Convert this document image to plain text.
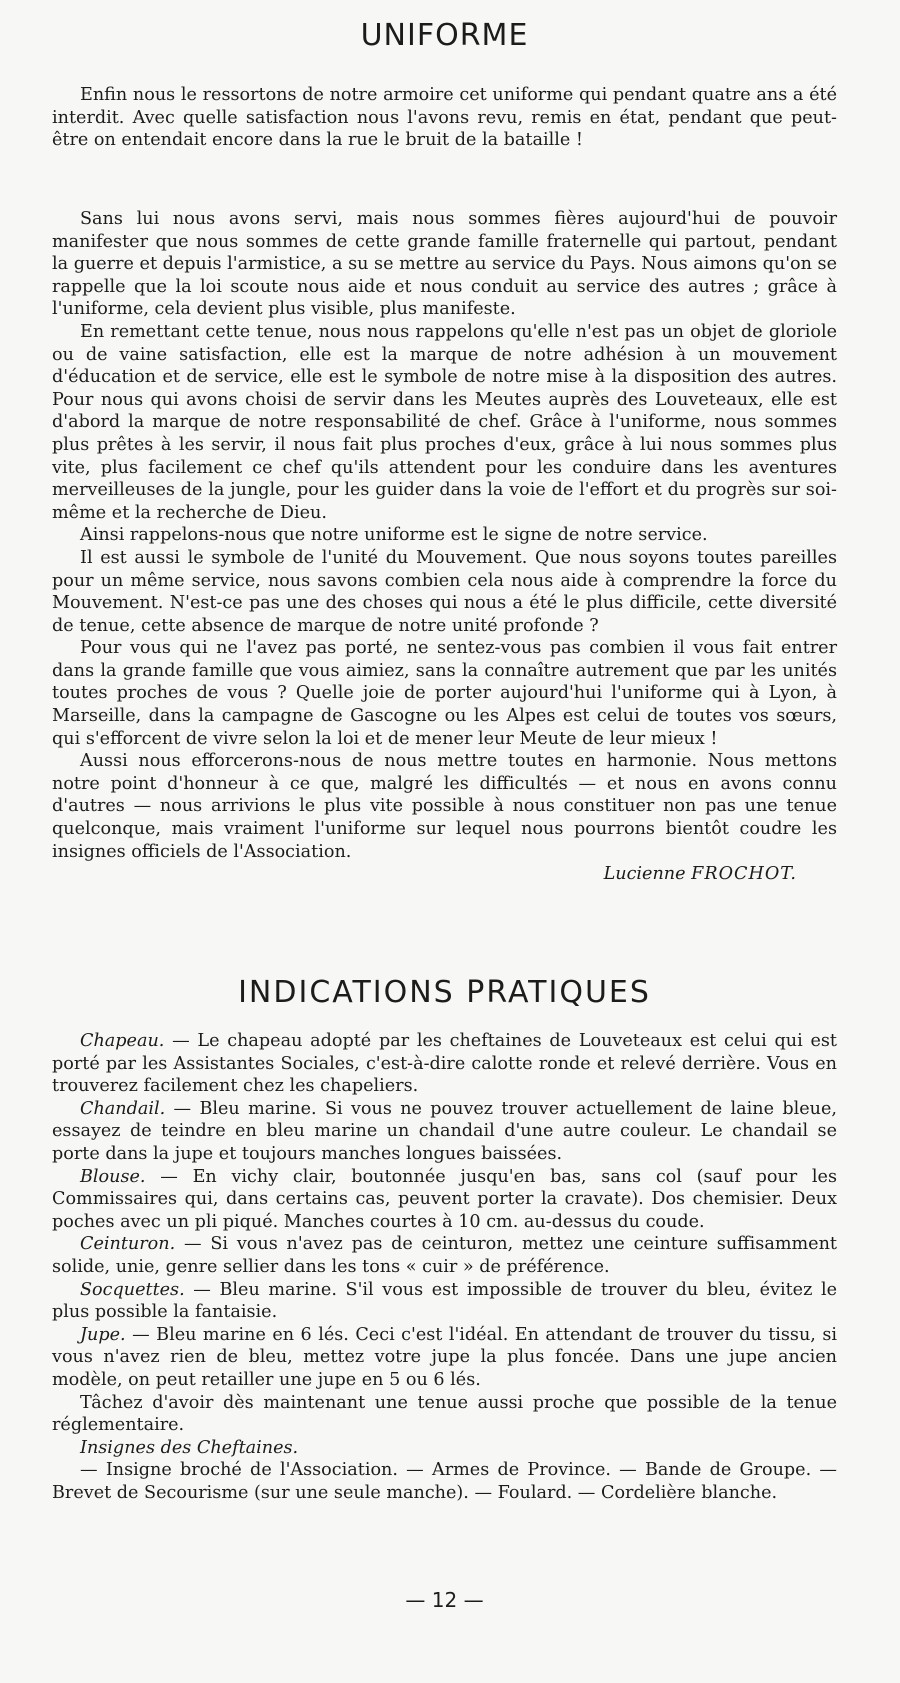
UNIFORME

Enfin nous le ressortons de notre armoire cet uniforme qui pendant quatre ans a été interdit. Avec quelle satisfaction nous l'avons revu, remis en état, pendant que peut-être on entendait encore dans la rue le bruit de la bataille !

Sans lui nous avons servi, mais nous sommes fières aujourd'hui de pouvoir manifester que nous sommes de cette grande famille fraternelle qui partout, pendant la guerre et depuis l'armistice, a su se mettre au service du Pays. Nous aimons qu'on se rappelle que la loi scoute nous aide et nous conduit au service des autres ; grâce à l'uniforme, cela devient plus visible, plus manifeste.

En remettant cette tenue, nous nous rappelons qu'elle n'est pas un objet de gloriole ou de vaine satisfaction, elle est la marque de notre adhésion à un mouvement d'éducation et de service, elle est le symbole de notre mise à la disposition des autres. Pour nous qui avons choisi de servir dans les Meutes auprès des Louveteaux, elle est d'abord la marque de notre responsabilité de chef. Grâce à l'uniforme, nous sommes plus prêtes à les servir, il nous fait plus proches d'eux, grâce à lui nous sommes plus vite, plus facilement ce chef qu'ils attendent pour les conduire dans les aventures merveilleuses de la jungle, pour les guider dans la voie de l'effort et du progrès sur soi-même et la recherche de Dieu.

Ainsi rappelons-nous que notre uniforme est le signe de notre service.

Il est aussi le symbole de l'unité du Mouvement. Que nous soyons toutes pareilles pour un même service, nous savons combien cela nous aide à comprendre la force du Mouvement. N'est-ce pas une des choses qui nous a été le plus difficile, cette diversité de tenue, cette absence de marque de notre unité profonde ?

Pour vous qui ne l'avez pas porté, ne sentez-vous pas combien il vous fait entrer dans la grande famille que vous aimiez, sans la connaître autrement que par les unités toutes proches de vous ? Quelle joie de porter aujourd'hui l'uniforme qui à Lyon, à Marseille, dans la campagne de Gascogne ou les Alpes est celui de toutes vos sœurs, qui s'efforcent de vivre selon la loi et de mener leur Meute de leur mieux !

Aussi nous efforcerons-nous de nous mettre toutes en harmonie. Nous mettons notre point d'honneur à ce que, malgré les difficultés — et nous en avons connu d'autres — nous arrivions le plus vite possible à nous constituer non pas une tenue quelconque, mais vraiment l'uniforme sur lequel nous pourrons bientôt coudre les insignes officiels de l'Association.

Lucienne FROCHOT.
INDICATIONS PRATIQUES

Chapeau. — Le chapeau adopté par les cheftaines de Louveteaux est celui qui est porté par les Assistantes Sociales, c'est-à-dire calotte ronde et relevé derrière. Vous en trouverez facilement chez les chapeliers.

Chandail. — Bleu marine. Si vous ne pouvez trouver actuellement de laine bleue, essayez de teindre en bleu marine un chandail d'une autre couleur. Le chandail se porte dans la jupe et toujours manches longues baissées.

Blouse. — En vichy clair, boutonnée jusqu'en bas, sans col (sauf pour les Commissaires qui, dans certains cas, peuvent porter la cravate). Dos chemisier. Deux poches avec un pli piqué. Manches courtes à 10 cm. au-dessus du coude.

Ceinturon. — Si vous n'avez pas de ceinturon, mettez une ceinture suffisamment solide, unie, genre sellier dans les tons « cuir » de préférence.

Socquettes. — Bleu marine. S'il vous est impossible de trouver du bleu, évitez le plus possible la fantaisie.

Jupe. — Bleu marine en 6 lés. Ceci c'est l'idéal. En attendant de trouver du tissu, si vous n'avez rien de bleu, mettez votre jupe la plus foncée. Dans une jupe ancien modèle, on peut retailler une jupe en 5 ou 6 lés.

Tâchez d'avoir dès maintenant une tenue aussi proche que possible de la tenue réglementaire.

Insignes des Cheftaines.

— Insigne broché de l'Association. — Armes de Province. — Bande de Groupe. — Brevet de Secourisme (sur une seule manche). — Foulard. — Cordelière blanche.

— 12 —
